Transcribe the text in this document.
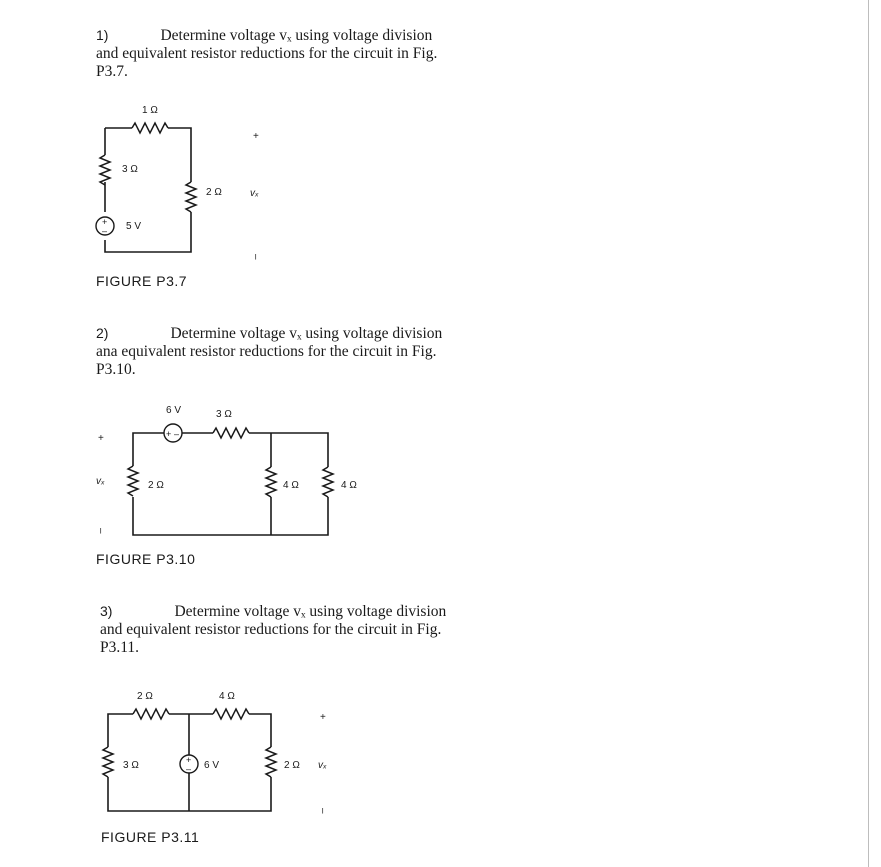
1)	Determine voltage vₓ using voltage division
and equivalent resistor reductions for the circuit in Fig.
P3.7.
+
–
1 Ω
3 Ω
2 Ω
5 V
+
vₓ
–
FIGURE P3.7
2)	Determine voltage vₓ using voltage division
ana equivalent resistor reductions for the circuit in Fig.
P3.10.
+ –
6 V	3 Ω
2 Ω	4 Ω	4 Ω
+
vₓ
–
FIGURE P3.10
3)	Determine voltage vₓ using voltage division
and equivalent resistor reductions for the circuit in Fig.
P3.11.
+
–
2 Ω	4 Ω
3 Ω	6 V	2 Ω
+
vₓ
–
FIGURE P3.11
